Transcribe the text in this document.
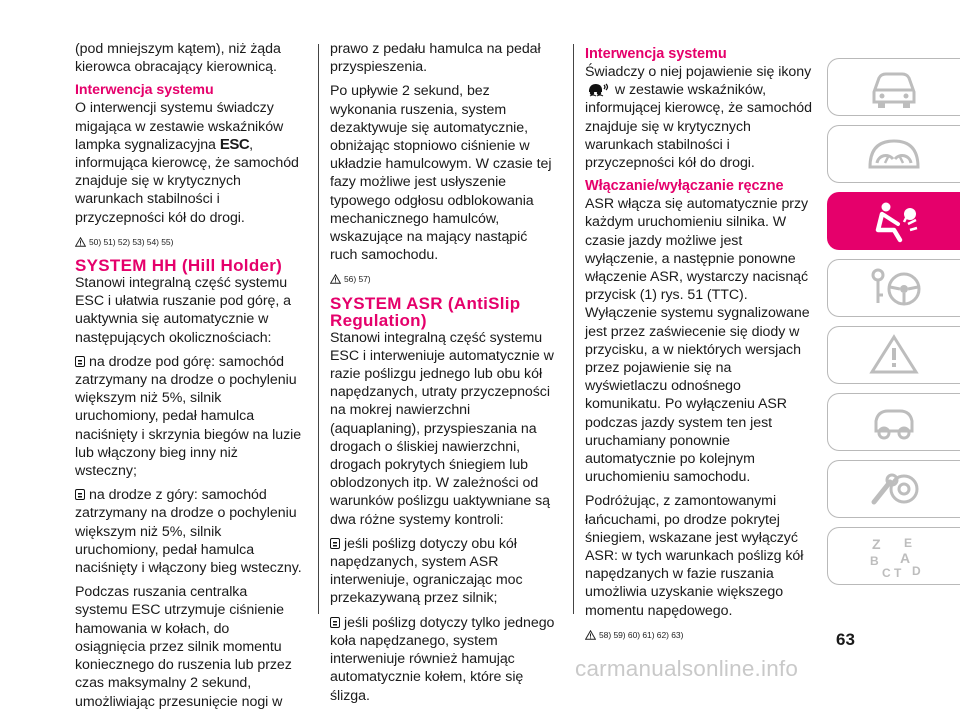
(pod mniejszym kątem), niż żąda kierowca obracający kierownicą.

Interwencja systemu

O interwencji systemu świadczy migająca w zestawie wskaźników lampka sygnalizacyjna ESC, informująca kierowcę, że samochód znajduje się w krytycznych warunkach stabilności i przyczepności kół do drogi.

50) 51) 52) 53) 54) 55)
SYSTEM HH (Hill Holder)

Stanowi integralną część systemu ESC i ułatwia ruszanie pod górę, a uaktywnia się automatycznie w następujących okolicznościach:

na drodze pod górę: samochód zatrzymany na drodze o pochyleniu większym niż 5%, silnik uruchomiony, pedał hamulca naciśnięty i skrzynia biegów na luzie lub włączony bieg inny niż wsteczny;

na drodze z góry: samochód zatrzymany na drodze o pochyleniu większym niż 5%, silnik uruchomiony, pedał hamulca naciśnięty i włączony bieg wsteczny.

Podczas ruszania centralka systemu ESC utrzymuje ciśnienie hamowania w kołach, do osiągnięcia przez silnik momentu koniecznego do ruszenia lub przez czas maksymalny 2 sekund, umożliwiając przesunięcie nogi w

prawo z pedału hamulca na pedał przyspieszenia.

Po upływie 2 sekund, bez wykonania ruszenia, system dezaktywuje się automatycznie, obniżając stopniowo ciśnienie w układzie hamulcowym. W czasie tej fazy możliwe jest usłyszenie typowego odgłosu odblokowania mechanicznego hamulców, wskazujące na mający nastąpić ruch samochodu.

56) 57)
SYSTEM ASR (AntiSlip Regulation)

Stanowi integralną część systemu ESC i interweniuje automatycznie w razie poślizgu jednego lub obu kół napędzanych, utraty przyczepności na mokrej nawierzchni (aquaplaning), przyspieszania na drogach o śliskiej nawierzchni, drogach pokrytych śniegiem lub oblodzonych itp. W zależności od warunków poślizgu uaktywniane są dwa różne systemy kontroli:

jeśli poślizg dotyczy obu kół napędzanych, system ASR interweniuje, ograniczając moc przekazywaną przez silnik;

jeśli poślizg dotyczy tylko jednego koła napędzanego, system interweniuje również hamując automatycznie kołem, które się ślizga.

Interwencja systemu

Świadczy o niej pojawienie się ikony  w zestawie wskaźników, informującej kierowcę, że samochód znajduje się w krytycznych warunkach stabilności i przyczepności kół do drogi.

Włączanie/wyłączanie ręczne

ASR włącza się automatycznie przy każdym uruchomieniu silnika. W czasie jazdy możliwe jest wyłączenie, a następnie ponowne włączenie ASR, wystarczy nacisnąć przycisk (1) rys. 51 (TTC). Wyłączenie systemu sygnalizowane jest przez zaświecenie się diody w przycisku, a w niektórych wersjach przez pojawienie się na wyświetlaczu odnośnego komunikatu. Po wyłączeniu ASR podczas jazdy system ten jest uruchamiany ponownie automatycznie po kolejnym uruchomieniu samochodu.

Podróżując, z zamontowanymi łańcuchami, po drodze pokrytej śniegiem, wskazane jest wyłączyć ASR: w tych warunkach poślizg kół napędzanych w fazie ruszania umożliwia uzyskanie większego momentu napędowego.

58) 59) 60) 61) 62) 63)
Z E
A
B
C T D
63
carmanualsonline.info
